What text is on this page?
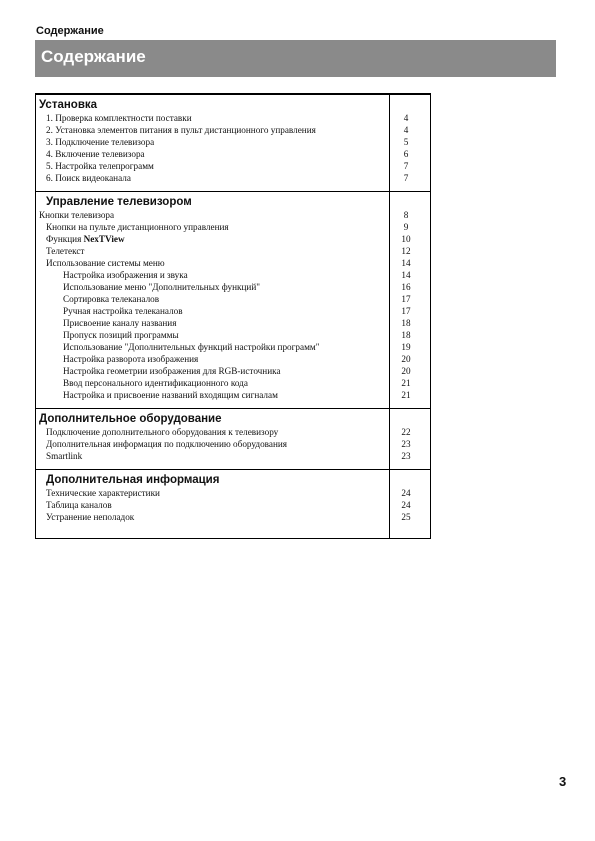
Содержание
Содержание
Установка
1. Проверка комплектности поставки	4
2. Установка элементов питания в пульт дистанционного управления	4
3. Подключение телевизора	5
4. Включение телевизора	6
5. Настройка телепрограмм	7
6. Поиск видеоканала	7
Управление телевизором
Кнопки телевизора	8
Кнопки на пульте дистанционного управления	9
Функция NexTView	10
Телетекст	12
Использование системы меню	14
Настройка изображения и звука	14
Использование меню "Дополнительных функций"	16
Сортировка телеканалов	17
Ручная настройка телеканалов	17
Присвоение каналу названия	18
Пропуск позиций программы	18
Использование "Дополнительных функций настройки программ"	19
Настройка разворота изображения	20
Настройка геометрии изображения для RGB-источника	20
Ввод персонального идентификационного кода	21
Настройка и присвоение названий входящим сигналам	21
Дополнительное оборудование
Подключение дополнительного оборудования к телевизору	22
Дополнительная информация по подключению оборудования	23
Smartlink	23
Дополнительная информация
Технические характеристики	24
Таблица каналов	24
Устранение неполадок	25
3
